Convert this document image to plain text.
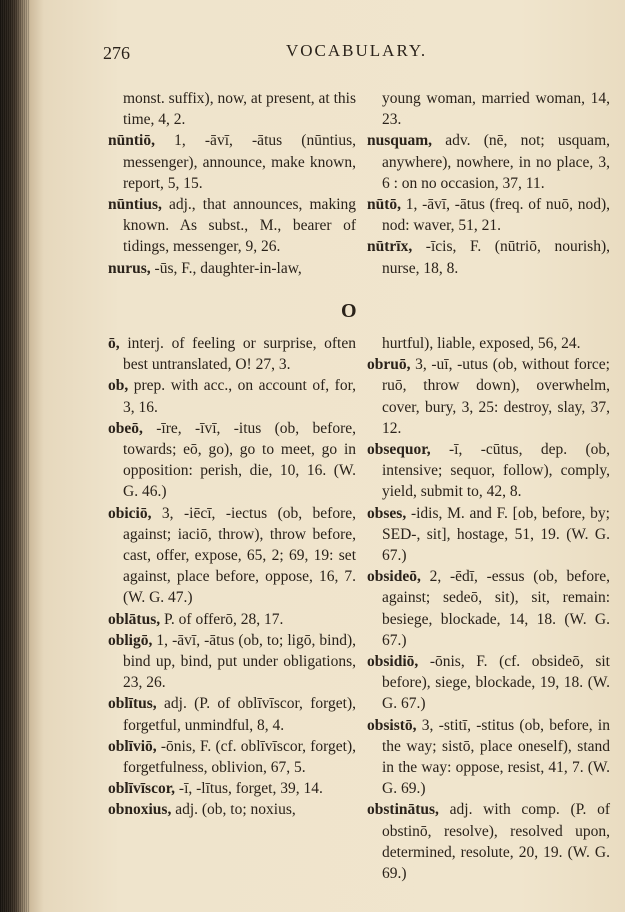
276	VOCABULARY.

monst. suffix), now, at present, at this time, 4, 2.

nūntiō, 1, -āvī, -ātus (nūntius, messenger), announce, make known, report, 5, 15.

nūntius, adj., that announces, making known. As subst., M., bearer of tidings, messenger, 9, 26.

nurus, -ūs, F., daughter-in-law,

young woman, married woman, 14, 23.

nusquam, adv. (nē, not; usquam, anywhere), nowhere, in no place, 3, 6 : on no occasion, 37, 11.

nūtō, 1, -āvī, -ātus (freq. of nuō, nod), nod: waver, 51, 21.

nūtrīx, -īcis, F. (nūtriō, nourish), nurse, 18, 8.

O

ō, interj. of feeling or surprise, often best untranslated, O! 27, 3.

ob, prep. with acc., on account of, for, 3, 16.

obeō, -īre, -īvī, -itus (ob, before, towards; eō, go), go to meet, go in opposition: perish, die, 10, 16. (W. G. 46.)

obiciō, 3, -iēcī, -iectus (ob, before, against; iaciō, throw), throw before, cast, offer, expose, 65, 2; 69, 19: set against, place before, oppose, 16, 7. (W. G. 47.)

oblātus, P. of offerō, 28, 17.

obligō, 1, -āvī, -ātus (ob, to; ligō, bind), bind up, bind, put under obligations, 23, 26.

oblītus, adj. (P. of oblīvīscor, forget), forgetful, unmindful, 8, 4.

oblīviō, -ōnis, F. (cf. oblīvīscor, forget), forgetfulness, oblivion, 67, 5.

oblīvīscor, -ī, -lītus, forget, 39, 14.

obnoxius, adj. (ob, to; noxius,

hurtful), liable, exposed, 56, 24.

obruō, 3, -uī, -utus (ob, without force; ruō, throw down), overwhelm, cover, bury, 3, 25: destroy, slay, 37, 12.

obsequor, -ī, -cūtus, dep. (ob, intensive; sequor, follow), comply, yield, submit to, 42, 8.

obses, -idis, M. and F. [ob, before, by; SED-, sit], hostage, 51, 19. (W. G. 67.)

obsideō, 2, -ēdī, -essus (ob, before, against; sedeō, sit), sit, remain: besiege, blockade, 14, 18. (W. G. 67.)

obsidiō, -ōnis, F. (cf. obsideō, sit before), siege, blockade, 19, 18. (W. G. 67.)

obsistō, 3, -stitī, -stitus (ob, before, in the way; sistō, place oneself), stand in the way: oppose, resist, 41, 7. (W. G. 69.)

obstinātus, adj. with comp. (P. of obstinō, resolve), resolved upon, determined, resolute, 20, 19. (W. G. 69.)
